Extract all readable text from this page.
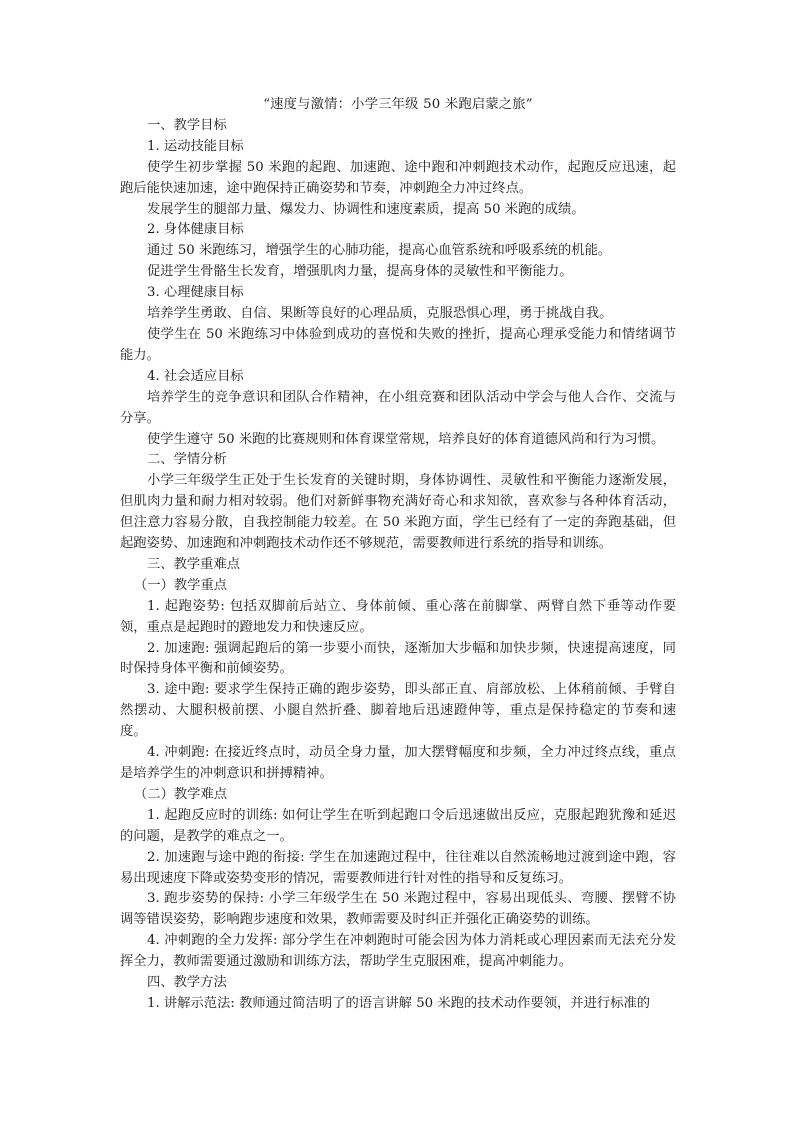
“速度与激情：小学三年级 50 米跑启蒙之旅”

一、教学目标

1. 运动技能目标

使学生初步掌握 50 米跑的起跑、加速跑、途中跑和冲刺跑技术动作，起跑反应迅速，起跑后能快速加速，途中跑保持正确姿势和节奏，冲刺跑全力冲过终点。

发展学生的腿部力量、爆发力、协调性和速度素质，提高 50 米跑的成绩。

2. 身体健康目标

通过 50 米跑练习，增强学生的心肺功能，提高心血管系统和呼吸系统的机能。

促进学生骨骼生长发育，增强肌肉力量，提高身体的灵敏性和平衡能力。

3. 心理健康目标

培养学生勇敢、自信、果断等良好的心理品质，克服恐惧心理，勇于挑战自我。

使学生在 50 米跑练习中体验到成功的喜悦和失败的挫折，提高心理承受能力和情绪调节能力。

4. 社会适应目标

培养学生的竞争意识和团队合作精神，在小组竞赛和团队活动中学会与他人合作、交流与分享。

使学生遵守 50 米跑的比赛规则和体育课堂常规，培养良好的体育道德风尚和行为习惯。

二、学情分析

小学三年级学生正处于生长发育的关键时期，身体协调性、灵敏性和平衡能力逐渐发展，但肌肉力量和耐力相对较弱。他们对新鲜事物充满好奇心和求知欲，喜欢参与各种体育活动，但注意力容易分散，自我控制能力较差。在 50 米跑方面，学生已经有了一定的奔跑基础，但起跑姿势、加速跑和冲刺跑技术动作还不够规范，需要教师进行系统的指导和训练。

三、教学重难点

（一）教学重点

1. 起跑姿势: 包括双脚前后站立、身体前倾、重心落在前脚掌、两臂自然下垂等动作要领，重点是起跑时的蹬地发力和快速反应。

2. 加速跑: 强调起跑后的第一步要小而快，逐渐加大步幅和加快步频，快速提高速度，同时保持身体平衡和前倾姿势。

3. 途中跑: 要求学生保持正确的跑步姿势，即头部正直、肩部放松、上体稍前倾、手臂自然摆动、大腿积极前摆、小腿自然折叠、脚着地后迅速蹬伸等，重点是保持稳定的节奏和速度。

4. 冲刺跑: 在接近终点时，动员全身力量，加大摆臂幅度和步频，全力冲过终点线，重点是培养学生的冲刺意识和拼搏精神。

（二）教学难点

1. 起跑反应时的训练: 如何让学生在听到起跑口令后迅速做出反应，克服起跑犹豫和延迟的问题，是教学的难点之一。

2. 加速跑与途中跑的衔接: 学生在加速跑过程中，往往难以自然流畅地过渡到途中跑，容易出现速度下降或姿势变形的情况，需要教师进行针对性的指导和反复练习。

3. 跑步姿势的保持: 小学三年级学生在 50 米跑过程中，容易出现低头、弯腰、摆臂不协调等错误姿势，影响跑步速度和效果，教师需要及时纠正并强化正确姿势的训练。

4. 冲刺跑的全力发挥: 部分学生在冲刺跑时可能会因为体力消耗或心理因素而无法充分发挥全力，教师需要通过激励和训练方法，帮助学生克服困难，提高冲刺能力。

四、教学方法

1. 讲解示范法: 教师通过简洁明了的语言讲解 50 米跑的技术动作要领，并进行标准的
